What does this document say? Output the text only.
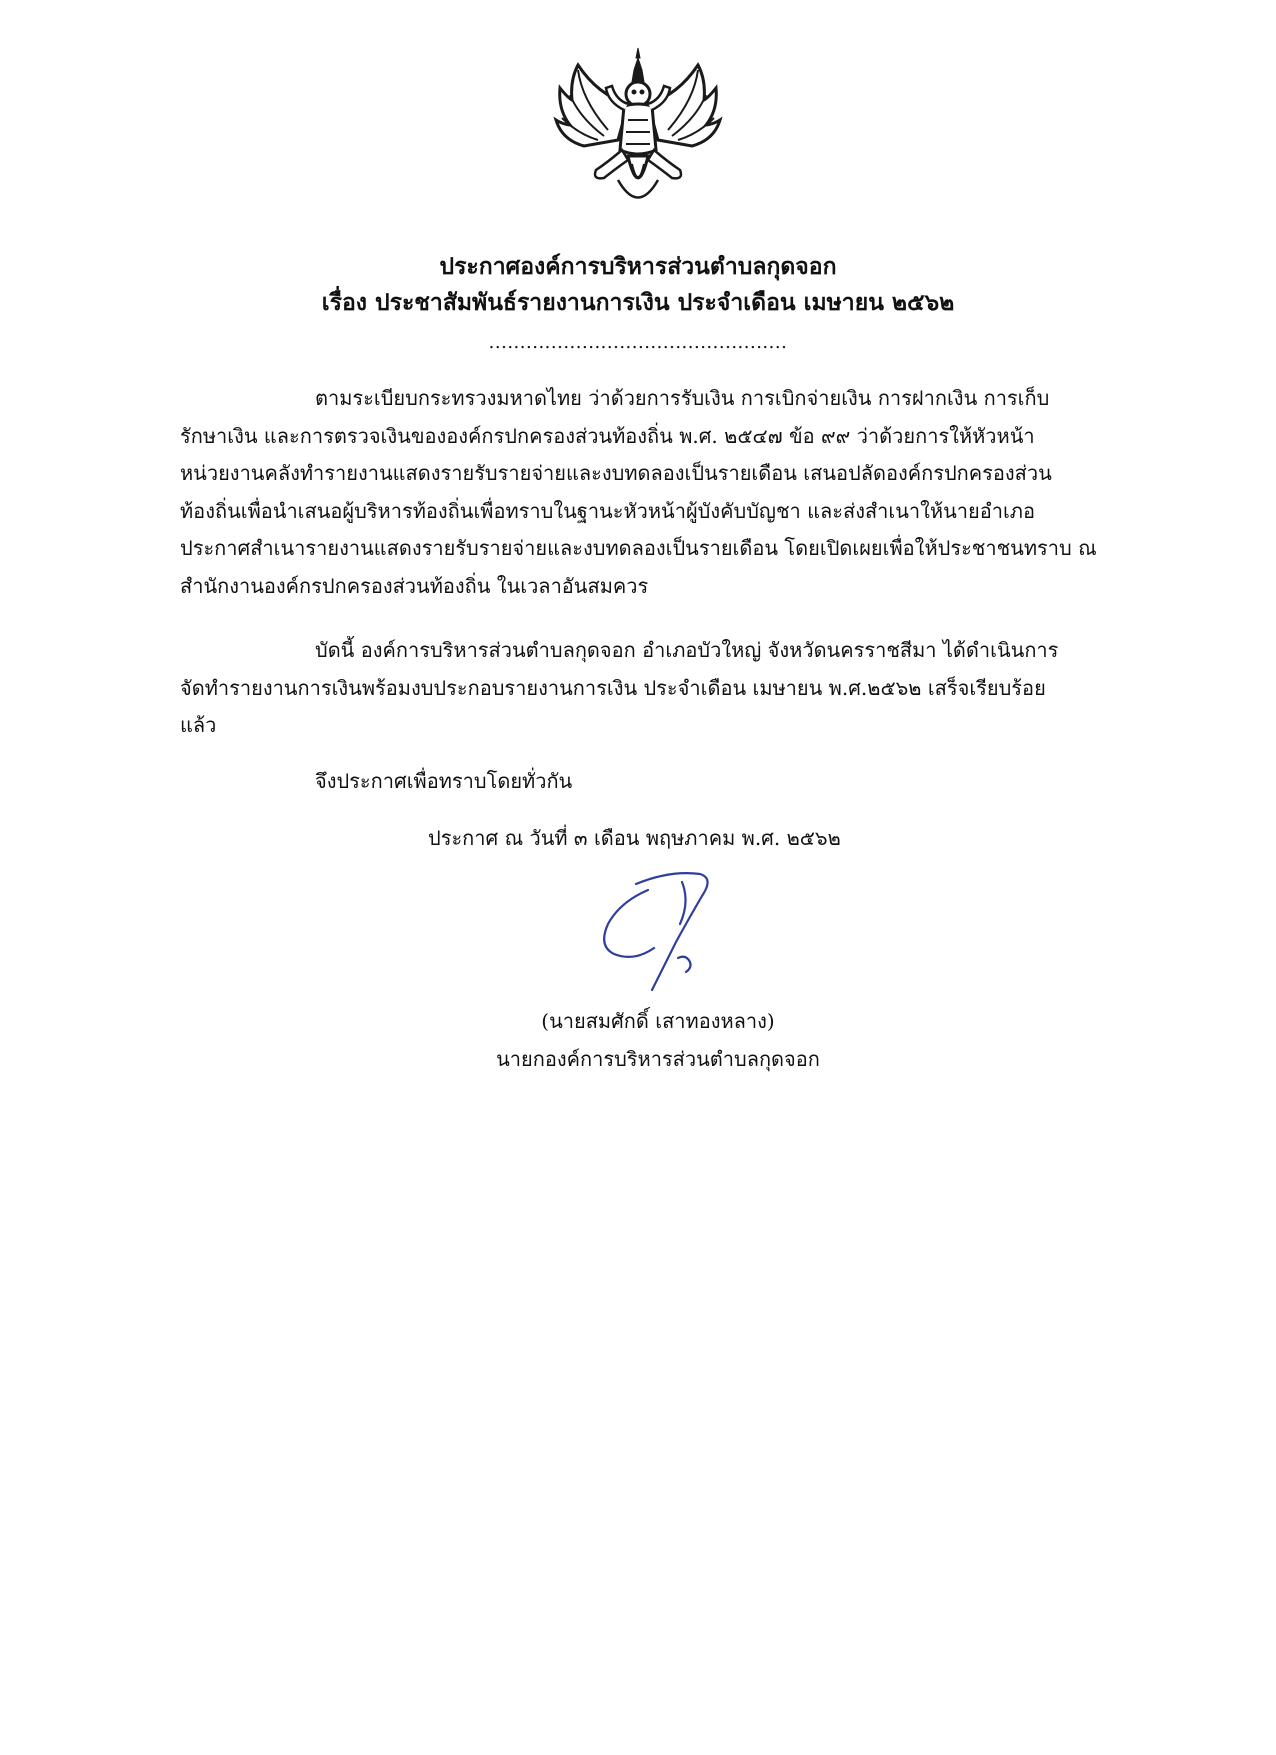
ประกาศองค์การบริหารส่วนตำบลกุดจอก
เรื่อง ประชาสัมพันธ์รายงานการเงิน ประจำเดือน เมษายน ๒๕๖๒
................................................
ตามระเบียบกระทรวงมหาดไทย ว่าด้วยการรับเงิน การเบิกจ่ายเงิน การฝากเงิน การเก็บ
รักษาเงิน และการตรวจเงินขององค์กรปกครองส่วนท้องถิ่น พ.ศ. ๒๕๔๗ ข้อ ๙๙ ว่าด้วยการให้หัวหน้า
หน่วยงานคลังทำรายงานแสดงรายรับรายจ่ายและงบทดลองเป็นรายเดือน เสนอปลัดองค์กรปกครองส่วน
ท้องถิ่นเพื่อนำเสนอผู้บริหารท้องถิ่นเพื่อทราบในฐานะหัวหน้าผู้บังคับบัญชา และส่งสำเนาให้นายอำเภอ
ประกาศสำเนารายงานแสดงรายรับรายจ่ายและงบทดลองเป็นรายเดือน โดยเปิดเผยเพื่อให้ประชาชนทราบ ณ
สำนักงานองค์กรปกครองส่วนท้องถิ่น ในเวลาอันสมควร
บัดนี้ องค์การบริหารส่วนตำบลกุดจอก อำเภอบัวใหญ่ จังหวัดนครราชสีมา ได้ดำเนินการ
จัดทำรายงานการเงินพร้อมงบประกอบรายงานการเงิน ประจำเดือน เมษายน พ.ศ.๒๕๖๒ เสร็จเรียบร้อย
แล้ว
จึงประกาศเพื่อทราบโดยทั่วกัน
ประกาศ ณ วันที่ ๓ เดือน พฤษภาคม พ.ศ. ๒๕๖๒
(นายสมศักดิ์ เสาทองหลาง)
นายกองค์การบริหารส่วนตำบลกุดจอก
